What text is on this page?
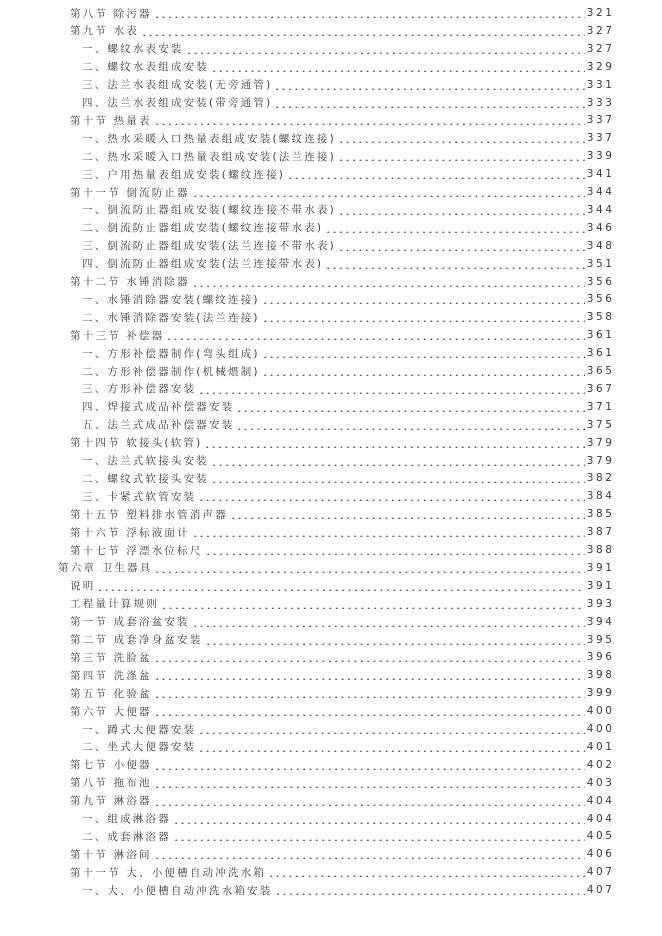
第八节 除污器	321
第九节 水表	327
一、螺纹水表安装	327
二、螺纹水表组成安装	329
三、法兰水表组成安装(无旁通管)	331
四、法兰水表组成安装(带旁通管)	333
第十节 热量表	337
一、热水采暖入口热量表组成安装(螺纹连接)	337
二、热水采暖入口热量表组成安装(法兰连接)	339
三、户用热量表组成安装(螺纹连接)	341
第十一节 倒流防止器	344
一、倒流防止器组成安装(螺纹连接不带水表)	344
二、倒流防止器组成安装(螺纹连接带水表)	346
三、倒流防止器组成安装(法兰连接不带水表)	348
四、倒流防止器组成安装(法兰连接带水表)	351
第十二节 水锤消除器	356
一、水锤消除器安装(螺纹连接)	356
二、水锤消除器安装(法兰连接)	358
第十三节 补偿器	361
一、方形补偿器制作(弯头组成)	361
二、方形补偿器制作(机械煨制)	365
三、方形补偿器安装	367
四、焊接式成品补偿器安装	371
五、法兰式成品补偿器安装	375
第十四节 软接头(软管)	379
一、法兰式软接头安装	379
二、螺纹式软接头安装	382
三、卡紧式软管安装	384
第十五节 塑料排水管消声器	385
第十六节 浮标液面计	387
第十七节 浮漂水位标尺	388
第六章 卫生器具	391
说明	391
工程量计算规则	393
第一节 成套浴盆安装	394
第二节 成套净身盆安装	395
第三节 洗脸盆	396
第四节 洗涤盆	398
第五节 化验盆	399
第六节 大便器	400
一、蹲式大便器安装	400
二、坐式大便器安装	401
第七节 小便器	402
第八节 拖布池	403
第九节 淋浴器	404
一、组成淋浴器	404
二、成套淋浴器	405
第十节 淋浴间	406
第十一节 大、小便槽自动冲洗水箱	407
一、大、小便槽自动冲洗水箱安装	407
